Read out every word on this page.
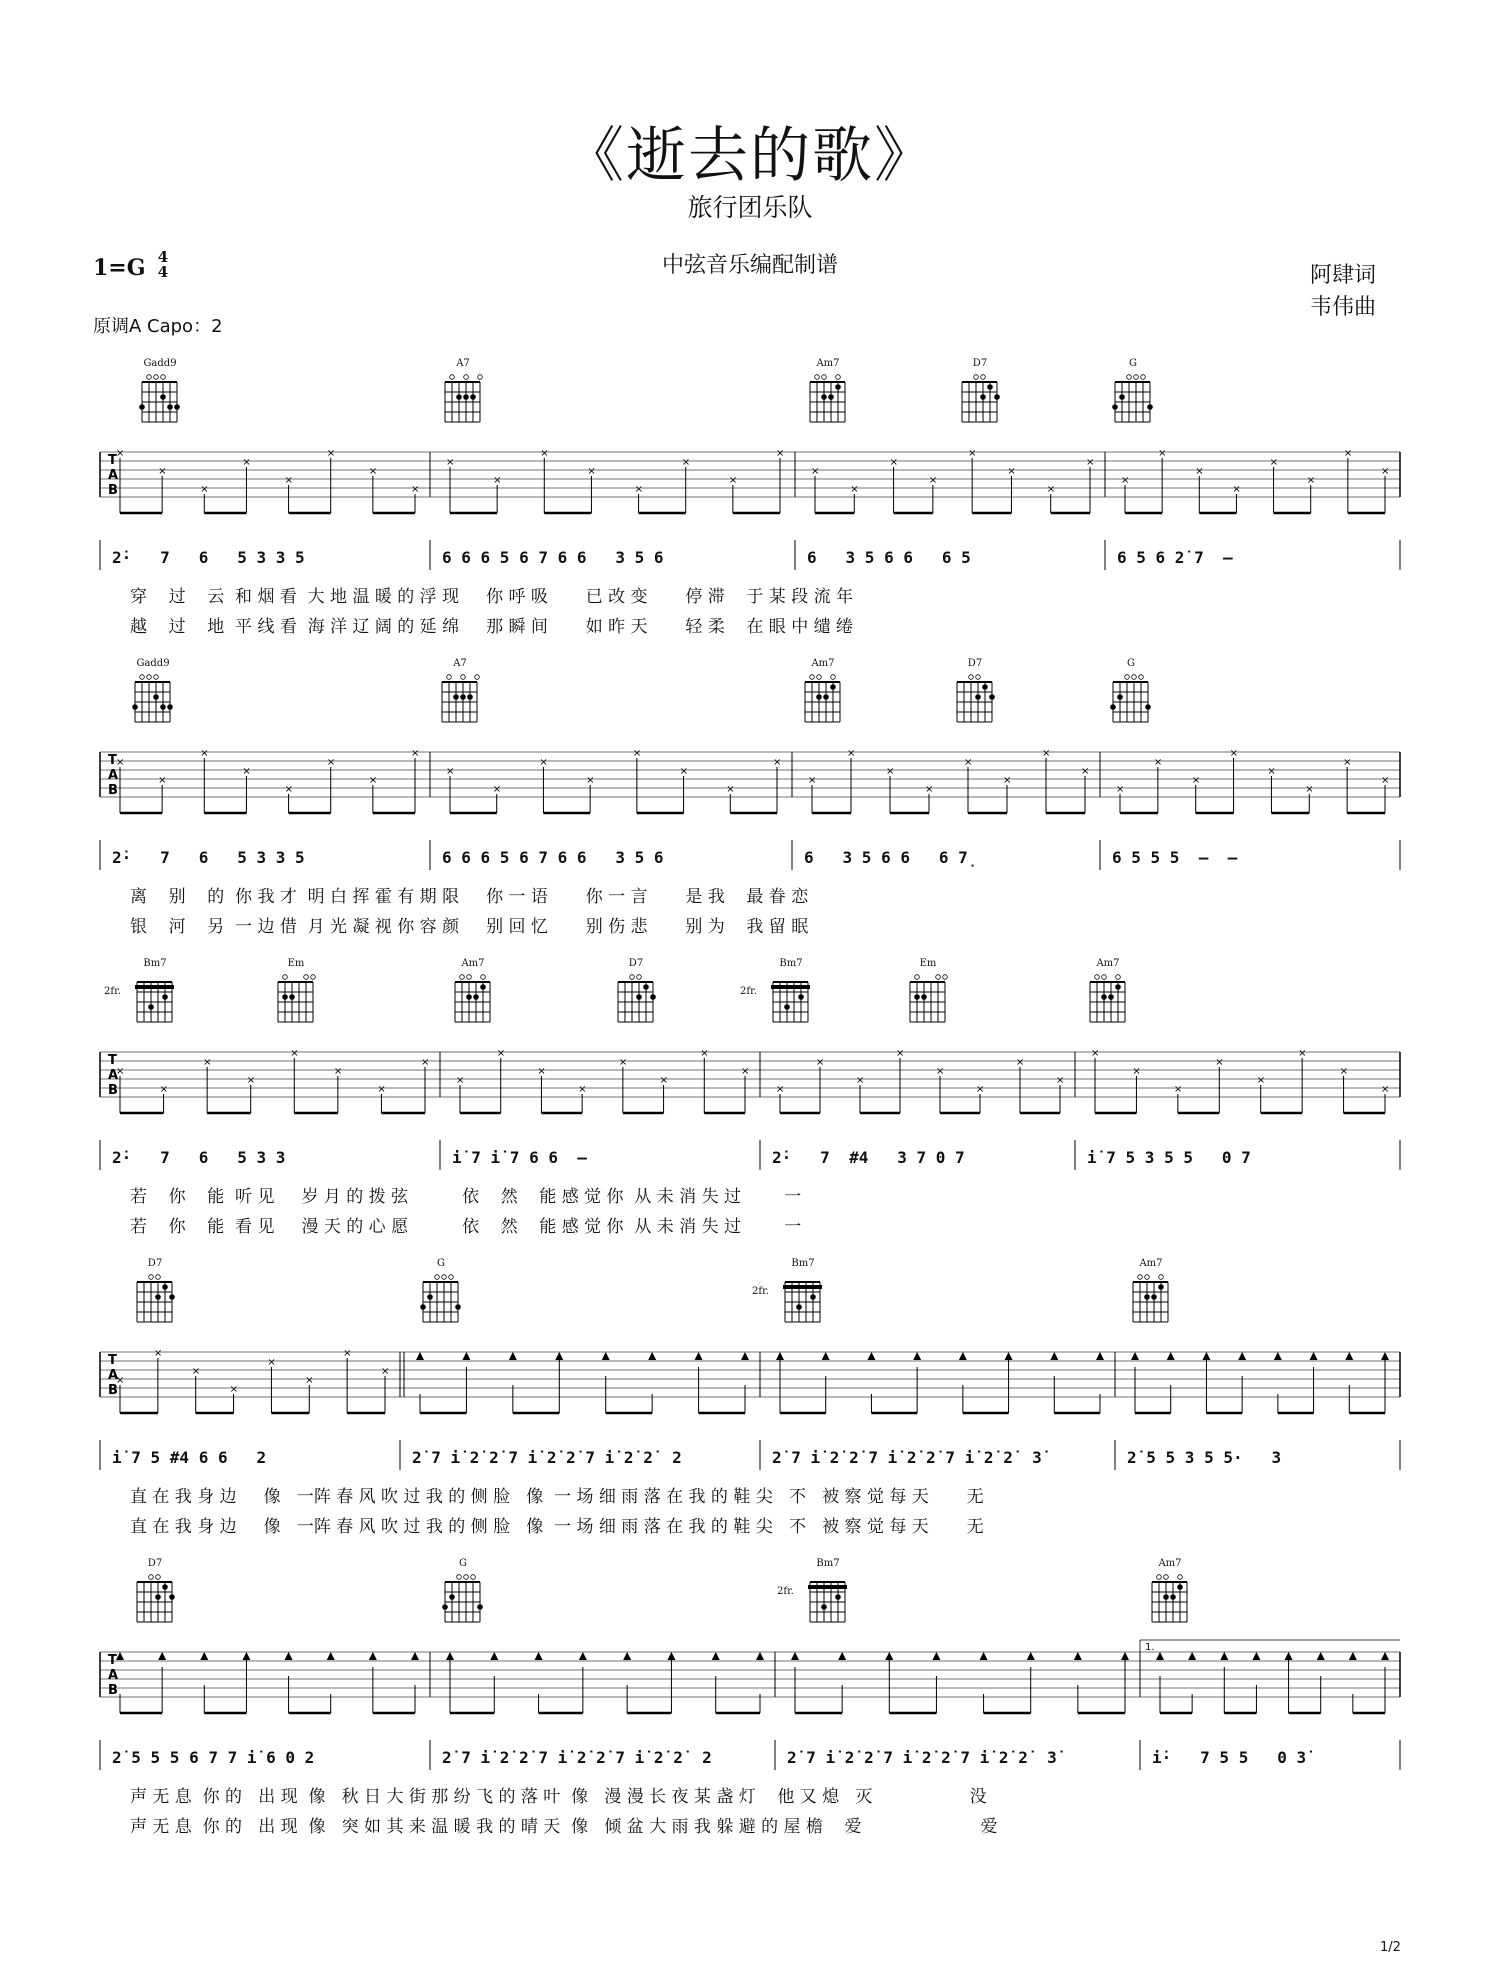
《逝去的歌》
旅行团乐队
1=G 4
4	中弦音乐编配制谱	阿肆词
韦伟曲
原调A Capo：2
1/2
Gadd9	A7	Am7	D7	G
T
A
B
×
×
×
×
×
×
×
×
×
×
×
×
×
×
×
×
×
×
×
×
×
×
×
×
×
×
×
×
×
×
×
×
2̇·   7   6   5 3 3 5	6 6 6 5 6 7 6 6   3 5 6	6   3 5 6 6   6 5	6 5 6 2̇ 7  –
穿    过    云  和 烟 看  大 地 温 暖 的 浮 现     你 呼 吸       已 改 变       停 滞    于 某 段 流 年
越    过    地  平 线 看  海 洋 辽 阔 的 延 绵     那 瞬 间       如 昨 天       轻 柔    在 眼 中 缱 绻
Gadd9	A7	Am7	D7	G
T
A
B
×
×
×
×
×
×
×
×
×
×
×
×
×
×
×
×
×
×
×
×
×
×
×
×
×
×
×
×
×
×
×
×
2̇·   7   6   5 3 3 5	6 6 6 5 6 7 6 6   3 5 6	6   3 5 6 6   6 7̣	6 5 5 5  –  –
离    别    的  你 我 才  明 白 挥 霍 有 期 限     你 一 语       你 一 言       是 我    最 眷 恋
银    河    另  一 边 借  月 光 凝 视 你 容 颜     别 回 忆       别 伤 悲       别 为    我 留 眠
Bm7
2fr.
Em	Am7	D7	Bm7
2fr.
Em	Am7
T
A
B
×
×
×
×
×
×
×
×
×
×
×
×
×
×
×
×
×
×
×
×
×
×
×
×
×
×
×
×
×
×
×
×
2̇·   7   6   5 3 3	i̇ 7 i̇ 7 6 6  –	2̇·   7  #4   3 7 0 7	i̇ 7 5 3 5 5   0 7
若    你    能  听 见     岁 月 的 拨 弦          依    然    能 感 觉 你  从 未 消 失 过        一
若    你    能  看 见     漫 天 的 心 愿          依    然    能 感 觉 你  从 未 消 失 过        一
D7	G	Bm7
2fr.
Am7
T
A
B
×
×
×
×
×
×
×
×
i̇ 7 5 #4 6 6   2	2̇ 7 i̇ 2̇ 2̇ 7 i̇ 2̇ 2̇ 7 i̇ 2̇ 2̇  2	2̇ 7 i̇ 2̇ 2̇ 7 i̇ 2̇ 2̇ 7 i̇ 2̇ 2̇  3̇	2̇ 5 5 3 5 5·   3
直 在 我 身 边     像   一阵 春 风 吹 过 我 的 侧 脸   像  一 场 细 雨 落 在 我 的 鞋 尖   不   被 察 觉 每 天       无
直 在 我 身 边     像   一阵 春 风 吹 过 我 的 侧 脸   像  一 场 细 雨 落 在 我 的 鞋 尖   不   被 察 觉 每 天       无
D7	G	Bm7
2fr.
Am7
T
A
B
1.
2̇ 5 5 5 6 7 7 i̇ 6 0 2	2̇ 7 i̇ 2̇ 2̇ 7 i̇ 2̇ 2̇ 7 i̇ 2̇ 2̇  2	2̇ 7 i̇ 2̇ 2̇ 7 i̇ 2̇ 2̇ 7 i̇ 2̇ 2̇  3̇	i̇·   7 5 5   0 3̇
声 无 息  你 的   出 现  像   秋 日 大 街 那 纷 飞 的 落 叶  像   漫 漫 长 夜 某 盏 灯    他 又 熄   灭                  没
声 无 息  你 的   出 现  像   突 如 其 来 温 暖 我 的 晴 天  像   倾 盆 大 雨 我 躲 避 的 屋 檐    爱                      爱
